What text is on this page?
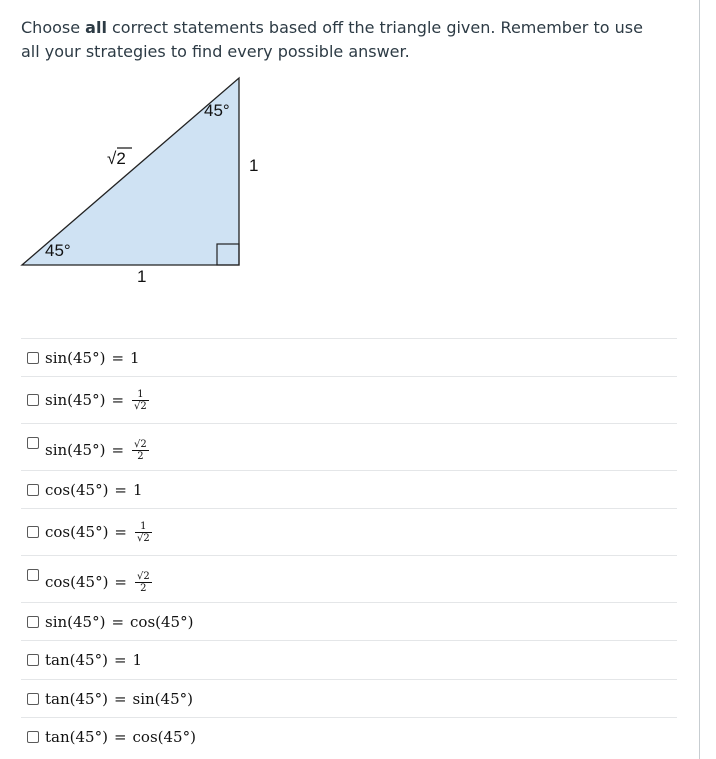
Choose all correct statements based off the triangle given. Remember to use all your strategies to find every possible answer.
45°
45°
√2	1
1
sin(45°) = 1
$\sin(45^\circ) = \frac{1}{√2}$
$\sin(45^\circ) = \frac{√2}{2}$
cos(45°) = 1
$\cos(45^\circ) = \frac{1}{√2}$
$\cos(45^\circ) = \frac{√2}{2}$
sin(45°) = cos(45°)
tan(45°) = 1
tan(45°) = sin(45°)
tan(45°) = cos(45°)
